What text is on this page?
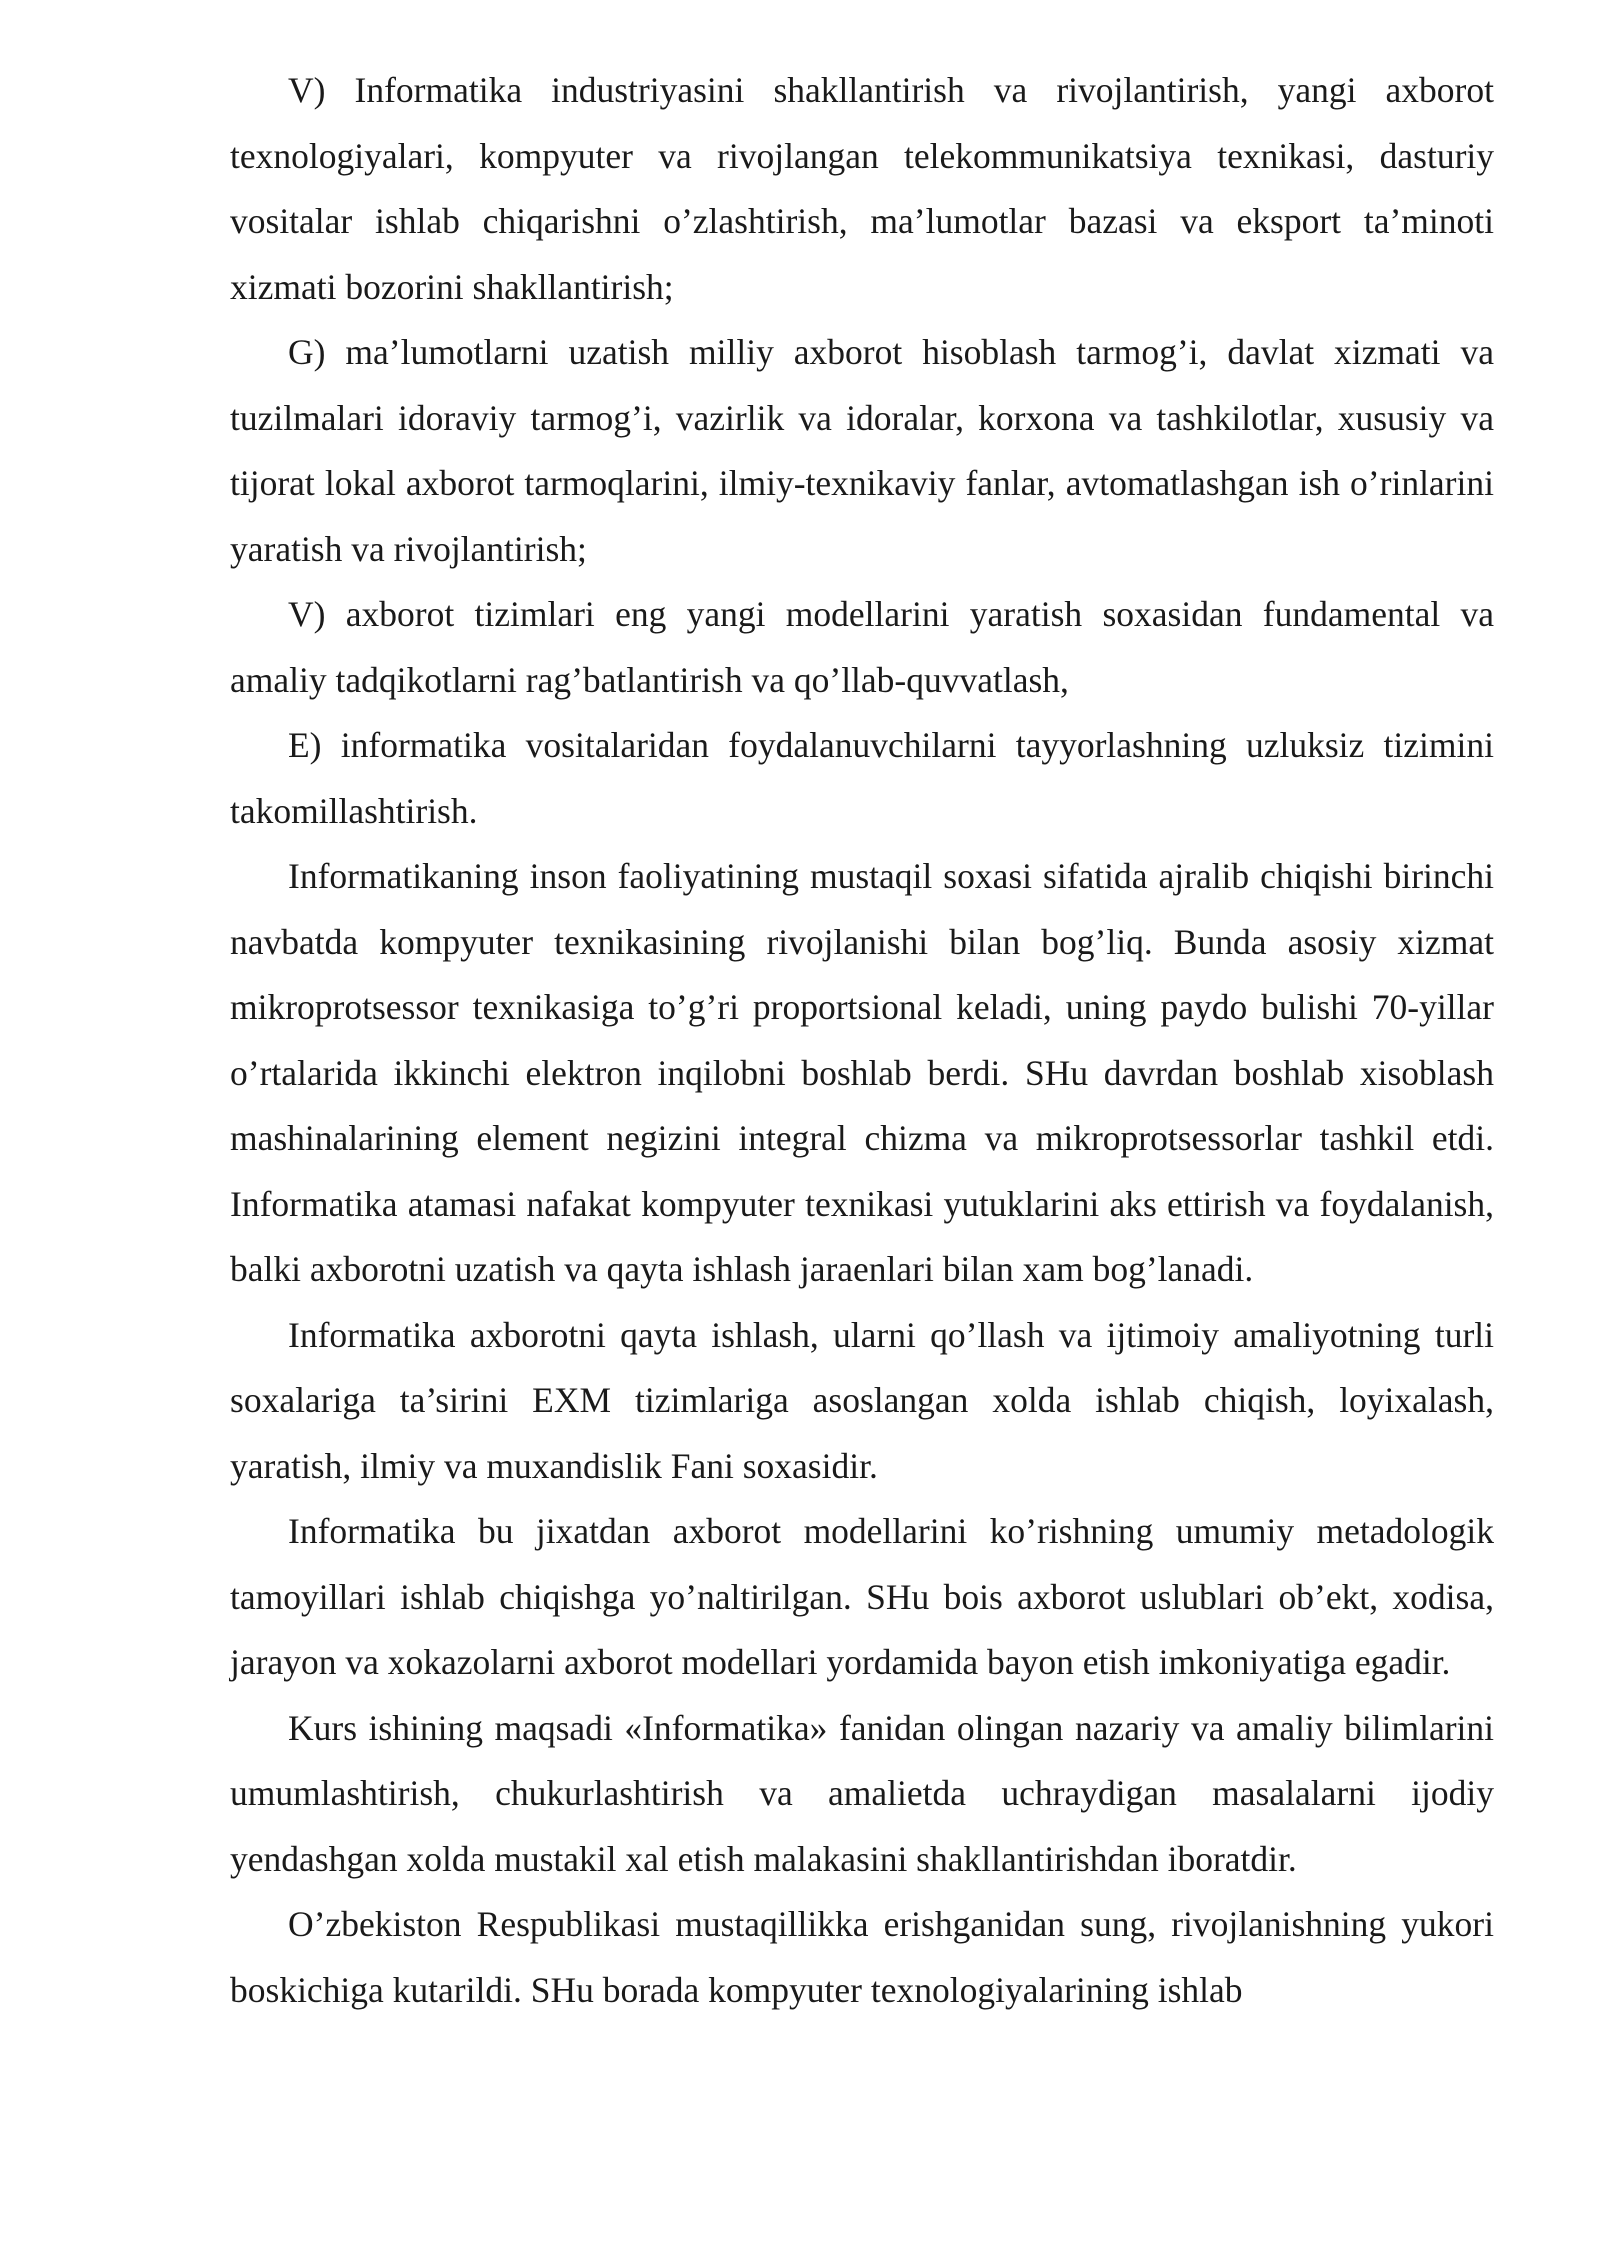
V) Informatika industriyasini shakllantirish va rivojlantirish, yangi axborot texnologiyalari, kompyuter va rivojlangan telekommunikatsiya texnikasi, dasturiy vositalar ishlab chiqarishni o’zlashtirish, ma’lumotlar bazasi va eksport ta’minoti xizmati bozorini shakllantirish;

G) ma’lumotlarni uzatish milliy axborot hisoblash tarmog’i, davlat xizmati va tuzilmalari idoraviy tarmog’i, vazirlik va idoralar, korxona va tashkilotlar, xususiy va tijorat lokal axborot tarmoqlarini, ilmiy-texnikaviy fanlar, avtomatlashgan ish o’rinlarini yaratish va rivojlantirish;

V) axborot tizimlari eng yangi modellarini yaratish soxasidan fundamental va amaliy tadqikotlarni rag’batlantirish va qo’llab-quvvatlash,

E) informatika vositalaridan foydalanuvchilarni tayyorlashning uzluksiz tizimini takomillashtirish.

Informatikaning inson faoliyatining mustaqil soxasi sifatida ajralib chiqishi birinchi navbatda kompyuter texnikasining rivojlanishi bilan bog’liq. Bunda asosiy xizmat mikroprotsessor texnikasiga to’g’ri proportsional keladi, uning paydo bulishi 70-yillar o’rtalarida ikkinchi elektron inqilobni boshlab berdi. SHu davrdan boshlab xisoblash mashinalarining element negizini integral chizma va mikroprotsessorlar tashkil etdi. Informatika atamasi nafakat kompyuter texnikasi yutuklarini aks ettirish va foydalanish, balki axborotni uzatish va qayta ishlash jaraenlari bilan xam bog’lanadi.

Informatika axborotni qayta ishlash, ularni qo’llash va ijtimoiy amaliyotning turli soxalariga ta’sirini EXM tizimlariga asoslangan xolda ishlab chiqish, loyixalash, yaratish, ilmiy va muxandislik Fani soxasidir.

Informatika bu jixatdan axborot modellarini ko’rishning umumiy metadologik tamoyillari ishlab chiqishga yo’naltirilgan. SHu bois axborot uslublari ob’ekt, xodisa, jarayon va xokazolarni axborot modellari yordamida bayon etish imkoniyatiga egadir.

Kurs ishining maqsadi «Informatika» fanidan olingan nazariy va amaliy bilimlarini umumlashtirish, chukurlashtirish va amalietda uchraydigan masalalarni ijodiy yendashgan xolda mustakil xal etish malakasini shakllantirishdan iboratdir.

O’zbekiston Respublikasi mustaqillikka erishganidan sung, rivojlanishning yukori boskichiga kutarildi. SHu borada kompyuter texnologiyalarining ishlab
